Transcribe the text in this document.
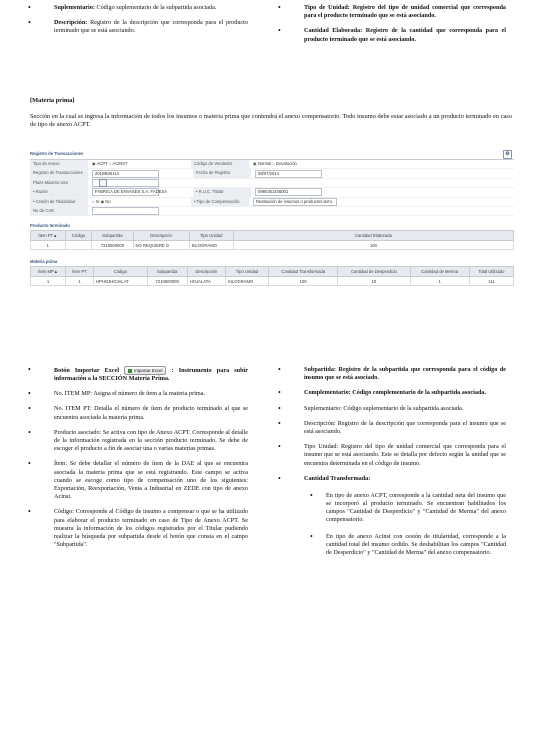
• Suplementario: Código suplementario de la subpartida asociada.
• Descripción: Registro de la descripción que corresponda para el producto terminado que se está asociando.
• Tipo de Unidad: Registro del tipo de unidad comercial que corresponda para el producto terminado que se está asociando.
• Cantidad Elaborada: Registro de la cantidad que corresponda para el producto terminado que se está asociando.
[Materia prima]
Sección en la cual se ingresa la información de todos los insumos o materia prima que contendrá el anexo compensatorio. Todo insumo debe estar asociado a un producto terminado en caso de tipo de anexo ACPT.
Registro de Transacciones	⚙
Tipo de Anexo	◉ ACPT ○ ACINST	Código de Vendedor	◉ Normal ○ Devolución
Registro de Transacciones	201BB00114	Fecha de Registro	09/07/2014
Plazo Máximo Uso
• Razón	FABRICA DE ENVASES S.A. FADESA	• R.U.C. Titular	0990351405001
• Cesión de Titularidad	○ Si ◉ No	• Tipo de Compensación	Restitución de insumos o productos term.
No de CAE
Producto terminado
Ítem PT▲	Código	Subpartida	Descripción	Tipo Unidad	Cantidad Elaborada
1		7210500000	NO REQUIERE D	KILOGRAMO	100
Materia prima
Ítem MP▲	Ítem PT	Código	Subpartida	Descripción	Tipo Unidad	Cantidad Transformada	Cantidad de Desperdicio	Cantidad de Merma	Total Utilizado
1	1	HPHOJHOJALAT	7210500000	HOJALATA	KILOGRAMO	100	10	1	111
• Botón Importar Excel	Importar Excel : Instrumento para subir información a la SECCIÓN Materia Prima.
• No. ITEM MP: Asigna el número de ítem a la materia prima.
• No. ITEM PT: Detalla el número de ítem de producto terminado al que se encuentra asociada la materia prima.
• Producto asociado: Se activa con tipo de Anexo ACPT. Corresponde al detalle de la información registrada en la sección producto terminado. Se debe de escoger el producto a fin de asociar una o varias materias primas.
• Ítem: Se debe detallar el número de ítem de la DAE al que se encuentra asociada la materia prima que se está registrando. Este campo se activa cuando se escoge como tipo de compensación uno de los siguientes: Exportación, Reexportación, Venta a Industrial en ZEDE con tipo de anexo Acinst.
• Código: Corresponde al Código de insumo a compensar o que se ha utilizado para elaborar el producto terminado en caso de Tipo de Anexo ACPT. Se muestra la información de los códigos registrados por el Titular pudiendo realizar la búsqueda por subpartida desde el botón que consta en el campo "Subpartida".
• Subpartida: Registro de la subpartida que corresponda para el código de insumo que se está asociado.
• Complementario: Código complementario de la subpartida asociada.
• Suplementario: Código suplementario de la subpartida asociada.
• Descripción: Registro de la descripción que corresponda para el insumo que se está asociando.
• Tipo Unidad: Registro del tipo de unidad comercial que corresponda para el insumo que se está asociando. Este se detalla por defecto según la unidad que se encuentra determinada en el código de insumo.
• Cantidad Transformada:
• En tipo de anexo ACPT, corresponde a la cantidad neta del insumo que se incorporó al producto terminado. Se encuentran habilitados los campos "Cantidad de Desperdicio" y "Cantidad de Merma" del anexo compensatorio.
• En tipo de anexo Acinst con cesión de titularidad, corresponde a la cantidad total del insumo cedido. Se deshabilitan los campos "Cantidad de Desperdicio" y "Cantidad de Merma" del anexo compensatorio.
